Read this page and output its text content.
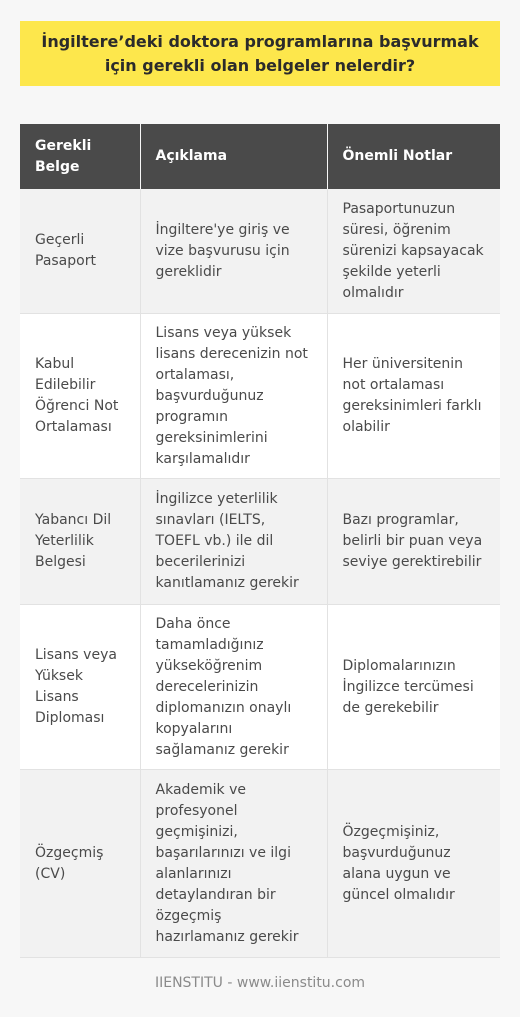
İngiltere’deki doktora programlarına başvurmak için gerekli olan belgeler nelerdir?
Gerekli Belge	Açıklama	Önemli Notlar
Geçerli Pasaport	İngiltere'ye giriş ve vize başvurusu için gereklidir	Pasaportunuzun süresi, öğrenim sürenizi kapsayacak şekilde yeterli olmalıdır
Kabul Edilebilir Öğrenci Not Ortalaması	Lisans veya yüksek lisans derecenizin not ortalaması, başvurduğunuz programın gereksinimlerini karşılamalıdır	Her üniversitenin not ortalaması gereksinimleri farklı olabilir
Yabancı Dil Yeterlilik Belgesi	İngilizce yeterlilik sınavları (IELTS, TOEFL vb.) ile dil becerilerinizi kanıtlamanız gerekir	Bazı programlar, belirli bir puan veya seviye gerektirebilir
Lisans veya Yüksek Lisans Diploması	Daha önce tamamladığınız yükseköğrenim derecelerinizin diplomanızın onaylı kopyalarını sağlamanız gerekir	Diplomalarınızın İngilizce tercümesi de gerekebilir
Özgeçmiş (CV)	Akademik ve profesyonel geçmişinizi, başarılarınızı ve ilgi alanlarınızı detaylandıran bir özgeçmiş hazırlamanız gerekir	Özgeçmişiniz, başvurduğunuz alana uygun ve güncel olmalıdır
IIENSTITU - www.iienstitu.com
